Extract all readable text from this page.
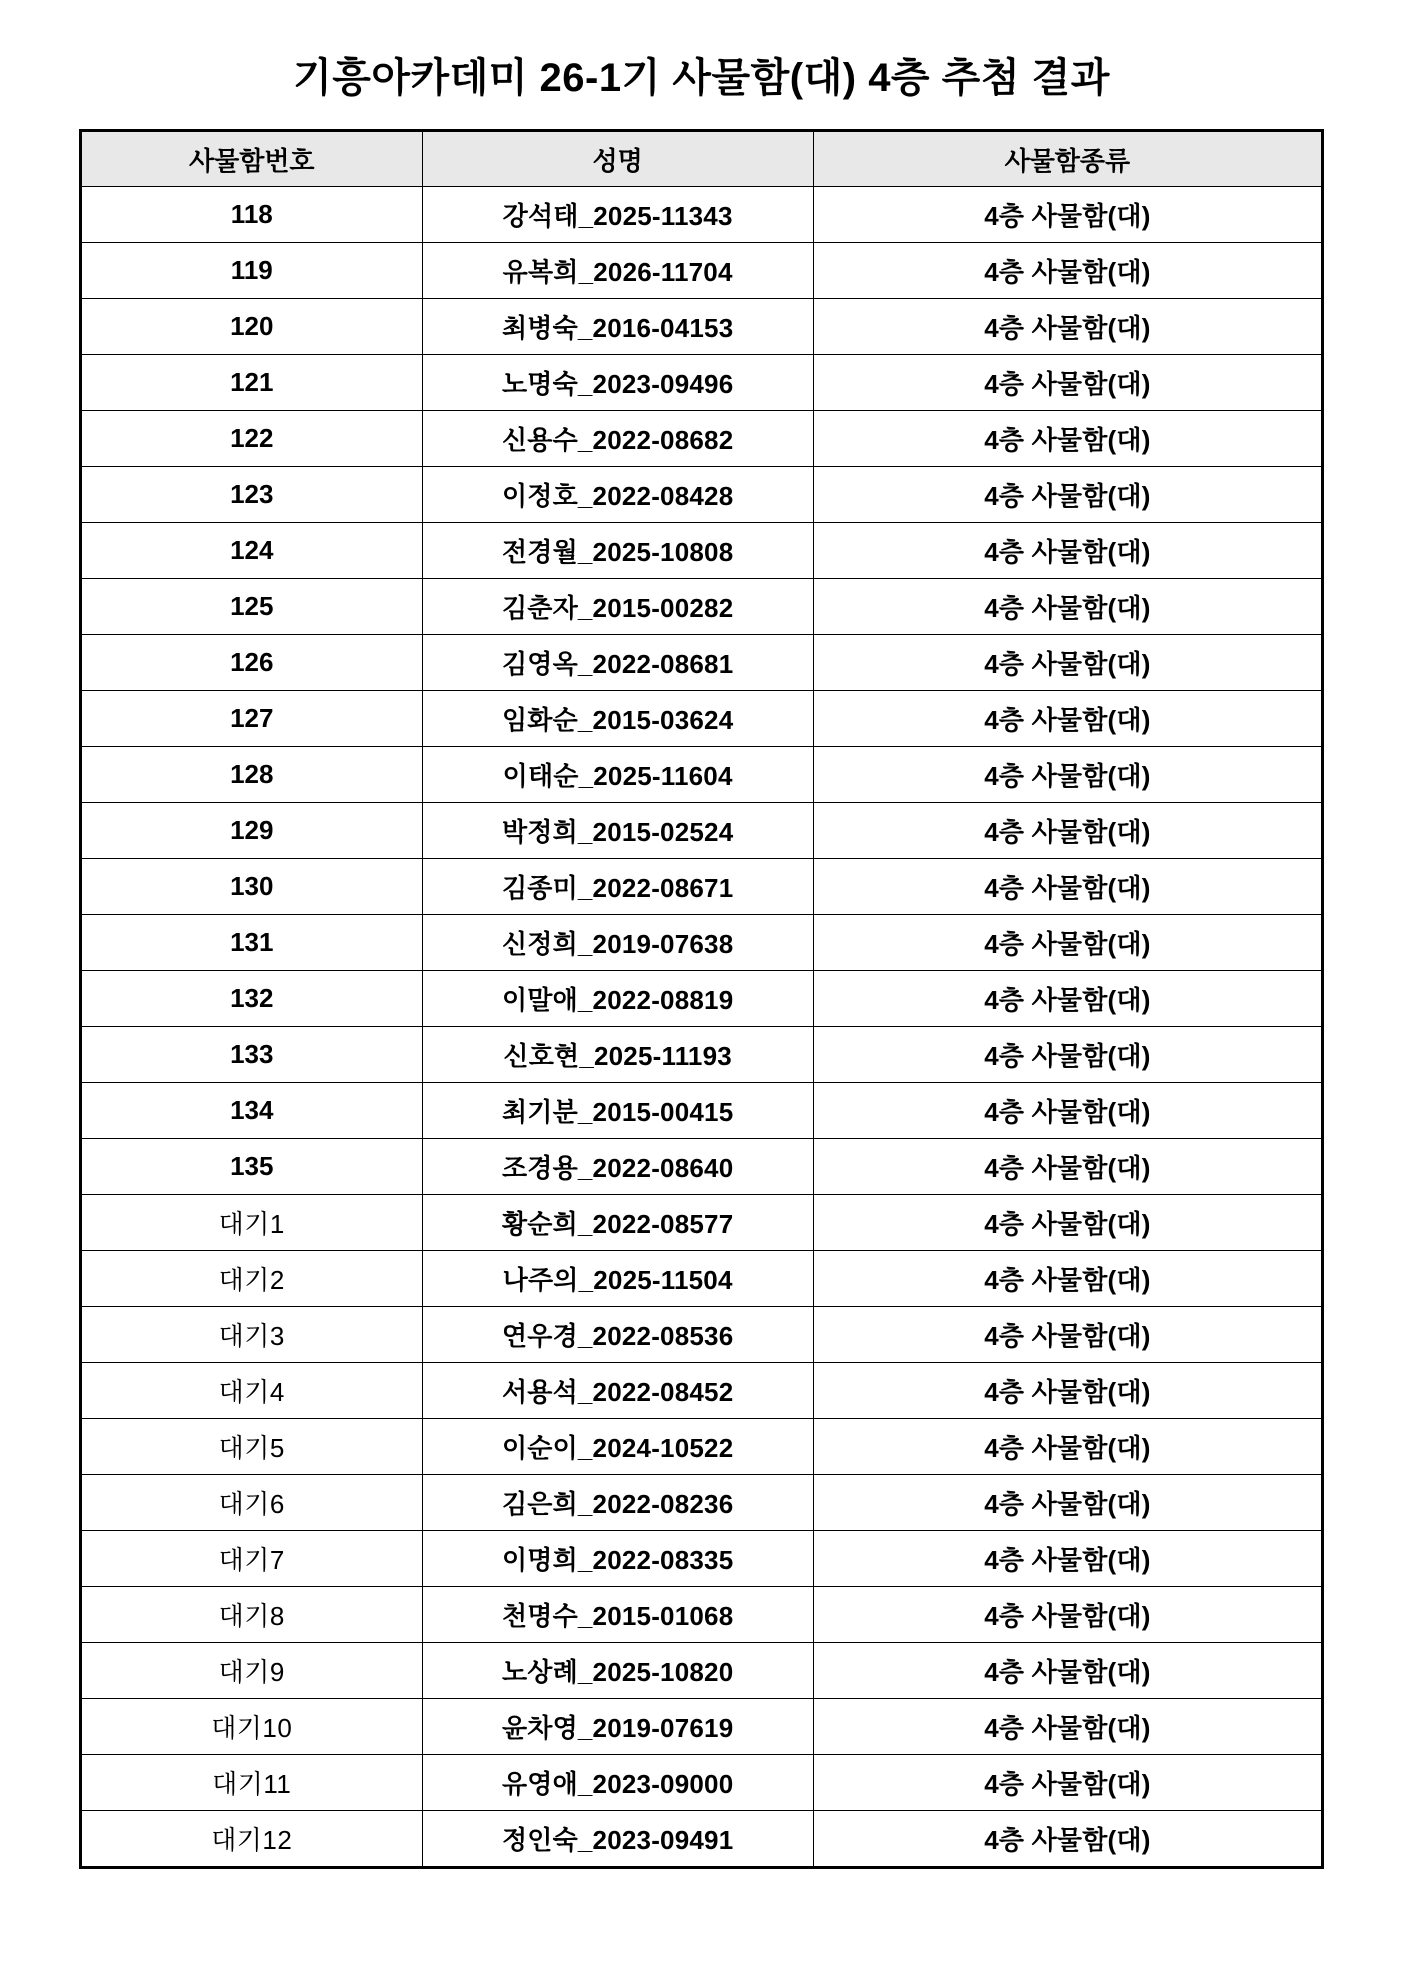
기흥아카데미 26-1기 사물함(대) 4층 추첨 결과
사물함번호	성명	사물함종류
118	강석태_2025-11343	4층 사물함(대)
119	유복희_2026-11704	4층 사물함(대)
120	최병숙_2016-04153	4층 사물함(대)
121	노명숙_2023-09496	4층 사물함(대)
122	신용수_2022-08682	4층 사물함(대)
123	이정호_2022-08428	4층 사물함(대)
124	전경월_2025-10808	4층 사물함(대)
125	김춘자_2015-00282	4층 사물함(대)
126	김영옥_2022-08681	4층 사물함(대)
127	임화순_2015-03624	4층 사물함(대)
128	이태순_2025-11604	4층 사물함(대)
129	박정희_2015-02524	4층 사물함(대)
130	김종미_2022-08671	4층 사물함(대)
131	신정희_2019-07638	4층 사물함(대)
132	이말애_2022-08819	4층 사물함(대)
133	신호현_2025-11193	4층 사물함(대)
134	최기분_2015-00415	4층 사물함(대)
135	조경용_2022-08640	4층 사물함(대)
대기1	황순희_2022-08577	4층 사물함(대)
대기2	나주의_2025-11504	4층 사물함(대)
대기3	연우경_2022-08536	4층 사물함(대)
대기4	서용석_2022-08452	4층 사물함(대)
대기5	이순이_2024-10522	4층 사물함(대)
대기6	김은희_2022-08236	4층 사물함(대)
대기7	이명희_2022-08335	4층 사물함(대)
대기8	천명수_2015-01068	4층 사물함(대)
대기9	노상례_2025-10820	4층 사물함(대)
대기10	윤차영_2019-07619	4층 사물함(대)
대기11	유영애_2023-09000	4층 사물함(대)
대기12	정인숙_2023-09491	4층 사물함(대)
